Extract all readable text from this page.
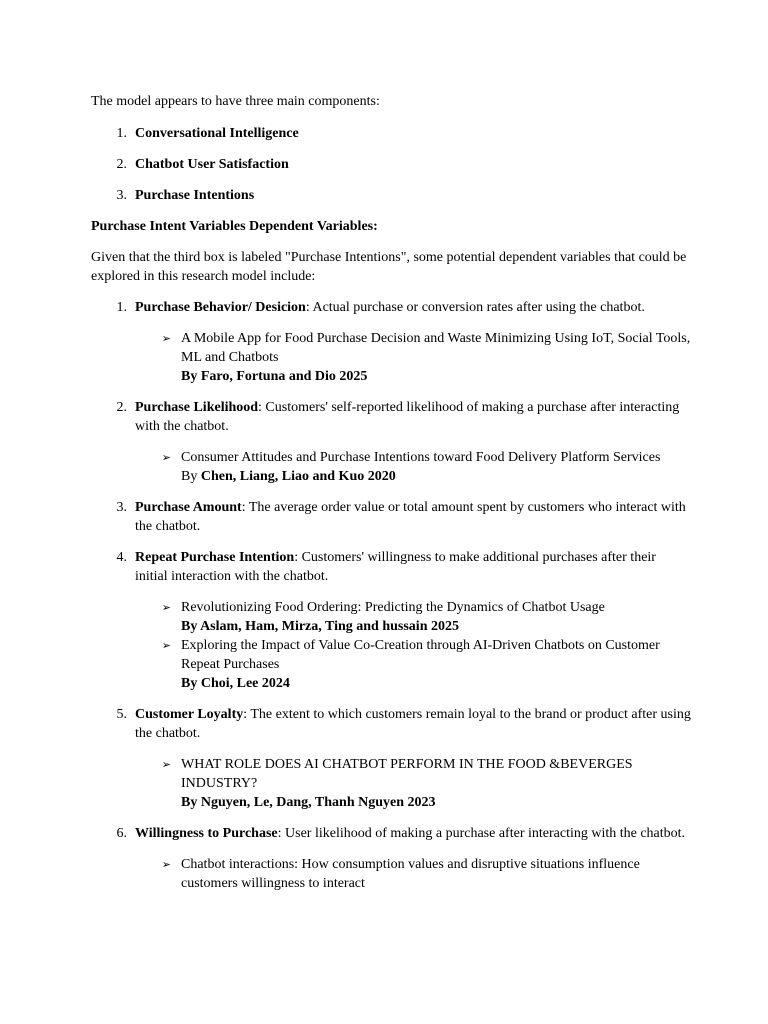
The model appears to have three main components:

1. Conversational Intelligence
2. Chatbot User Satisfaction
3. Purchase Intentions

Purchase Intent Variables Dependent Variables:

Given that the third box is labeled "Purchase Intentions", some potential dependent variables that could be explored in this research model include:

1. Purchase Behavior/ Desicion: Actual purchase or conversion rates after using the chatbot.
➢ A Mobile App for Food Purchase Decision and Waste Minimizing Using IoT, Social Tools, ML and Chatbots
By Faro, Fortuna and Dio 2025
2. Purchase Likelihood: Customers' self-reported likelihood of making a purchase after interacting with the chatbot.
➢ Consumer Attitudes and Purchase Intentions toward Food Delivery Platform Services
By Chen, Liang, Liao and Kuo 2020
3. Purchase Amount: The average order value or total amount spent by customers who interact with the chatbot.
4. Repeat Purchase Intention: Customers' willingness to make additional purchases after their initial interaction with the chatbot.
➢ Revolutionizing Food Ordering: Predicting the Dynamics of Chatbot Usage
By Aslam, Ham, Mirza, Ting and hussain 2025
➢ Exploring the Impact of Value Co-Creation through AI-Driven Chatbots on Customer Repeat Purchases
By Choi, Lee 2024
5. Customer Loyalty: The extent to which customers remain loyal to the brand or product after using the chatbot.
➢ WHAT ROLE DOES AI CHATBOT PERFORM IN THE FOOD &BEVERGES INDUSTRY?
By Nguyen, Le, Dang, Thanh Nguyen 2023
6. Willingness to Purchase: User likelihood of making a purchase after interacting with the chatbot.
➢ Chatbot interactions: How consumption values and disruptive situations influence customers willingness to interact
